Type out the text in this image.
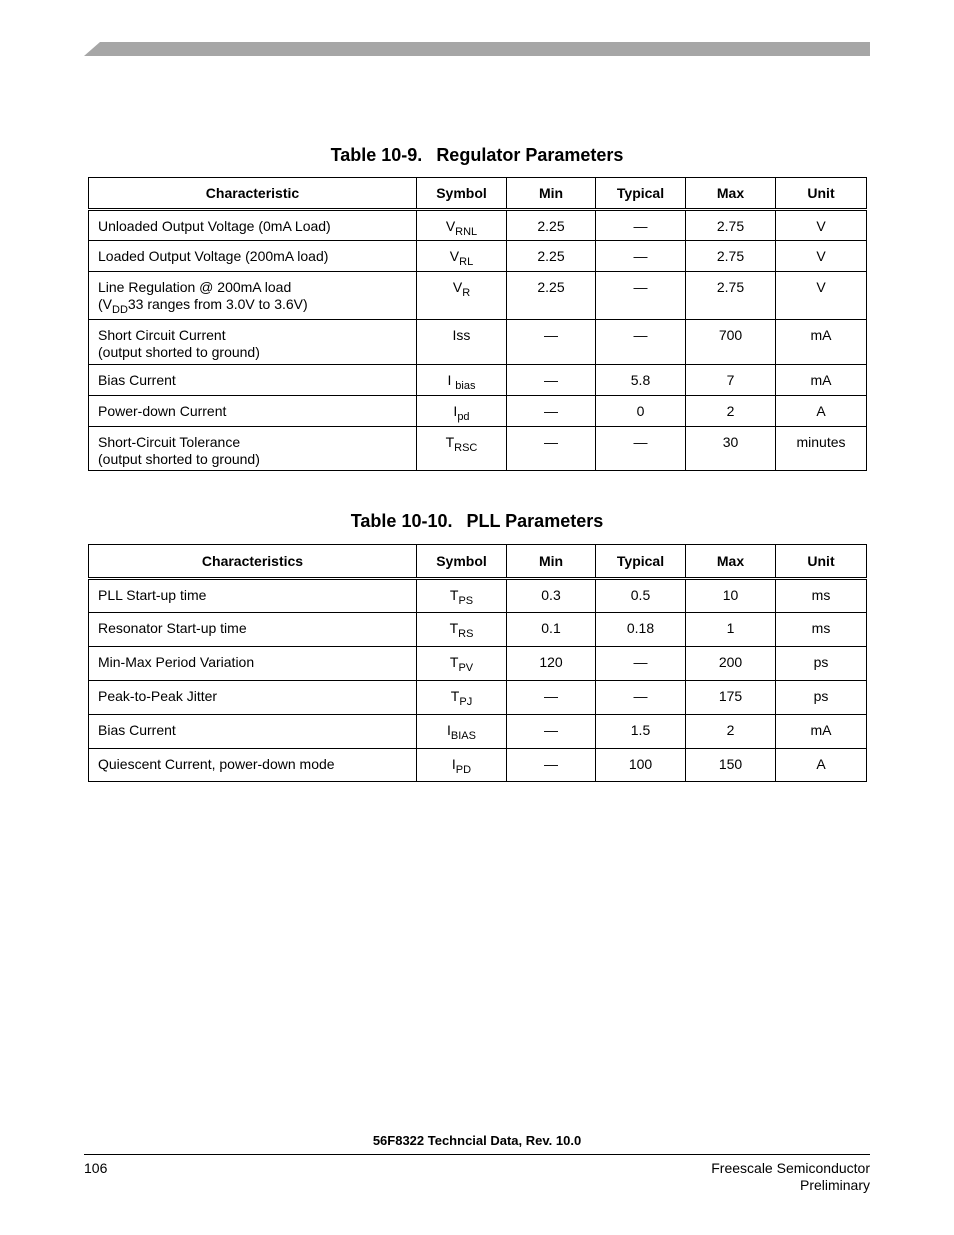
Table 10-9. Regulator Parameters
Characteristic	Symbol	Min	Typical	Max	Unit

Unloaded Output Voltage (0mA Load)	$V_{RNL}$	2.25	—	2.75	V

Loaded Output Voltage (200mA load)	$V_{RL}$	2.25	—	2.75	V

Line Regulation @ 200mA load
($V_{DD}33$ ranges from 3.0V to 3.6V)	$V_R$	2.25	—	2.75	V

Short Circuit Current
(output shorted to ground)	Iss	—	—	700	mA

Bias Current	I $_{bias}$	—	5.8	7	mA

Power-down Current	$I_{pd}$	—	0	2	A

Short-Circuit Tolerance
(output shorted to ground)	$T_{RSC}$	—	—	30	minutes
Table 10-10. PLL Parameters
Characteristics	Symbol	Min	Typical	Max	Unit

PLL Start-up time	$T_{PS}$	0.3	0.5	10	ms

Resonator Start-up time	$T_{RS}$	0.1	0.18	1	ms

Min-Max Period Variation	$T_{PV}$	120	—	200	ps

Peak-to-Peak Jitter	$T_{PJ}$	—	—	175	ps

Bias Current	$I_{BIAS}$	—	1.5	2	mA

Quiescent Current, power-down mode	$I_{PD}$	—	100	150	A
56F8322 Techncial Data, Rev. 10.0
106	Freescale Semiconductor
Preliminary
